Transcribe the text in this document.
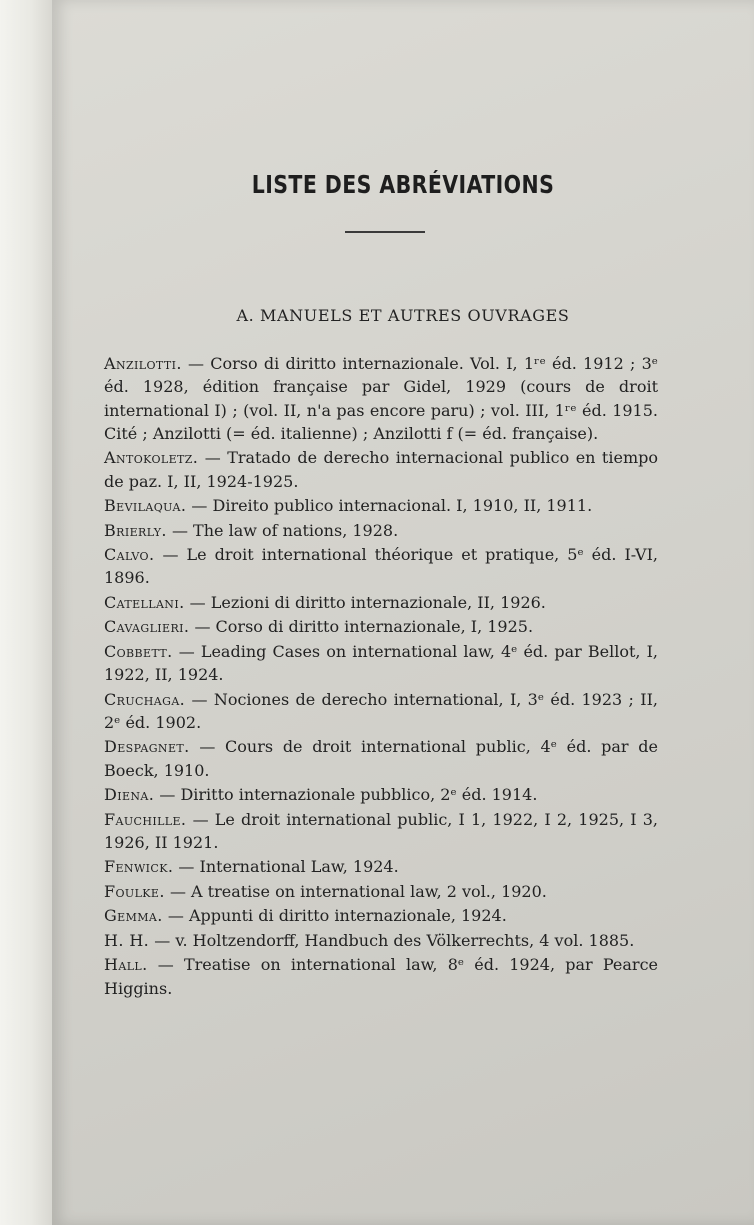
LISTE DES ABRÉVIATIONS
A. MANUELS ET AUTRES OUVRAGES

Anzilotti. — Corso di diritto internazionale. Vol. I, 1ʳᵉ éd. 1912 ; 3ᵉ éd. 1928, édition française par Gidel, 1929 (cours de droit international I) ; (vol. II, n'a pas encore paru) ; vol. III, 1ʳᵉ éd. 1915. Cité ; Anzilotti (= éd. italienne) ; Anzilotti f (= éd. française).

Antokoletz. — Tratado de derecho internacional publico en tiempo de paz. I, II, 1924-1925.

Bevilaqua. — Direito publico internacional. I, 1910, II, 1911.

Brierly. — The law of nations, 1928.

Calvo. — Le droit international théorique et pratique, 5ᵉ éd. I-VI, 1896.

Catellani. — Lezioni di diritto internazionale, II, 1926.

Cavaglieri. — Corso di diritto internazionale, I, 1925.

Cobbett. — Leading Cases on international law, 4ᵉ éd. par Bellot, I, 1922, II, 1924.

Cruchaga. — Nociones de derecho international, I, 3ᵉ éd. 1923 ; II, 2ᵉ éd. 1902.

Despagnet. — Cours de droit international public, 4ᵉ éd. par de Boeck, 1910.

Diena. — Diritto internazionale pubblico, 2ᵉ éd. 1914.

Fauchille. — Le droit international public, I 1, 1922, I 2, 1925, I 3, 1926, II 1921.

Fenwick. — International Law, 1924.

Foulke. — A treatise on international law, 2 vol., 1920.

Gemma. — Appunti di diritto internazionale, 1924.

H. H. — v. Holtzendorff, Handbuch des Völkerrechts, 4 vol. 1885.

Hall. — Treatise on international law, 8ᵉ éd. 1924, par Pearce Higgins.
